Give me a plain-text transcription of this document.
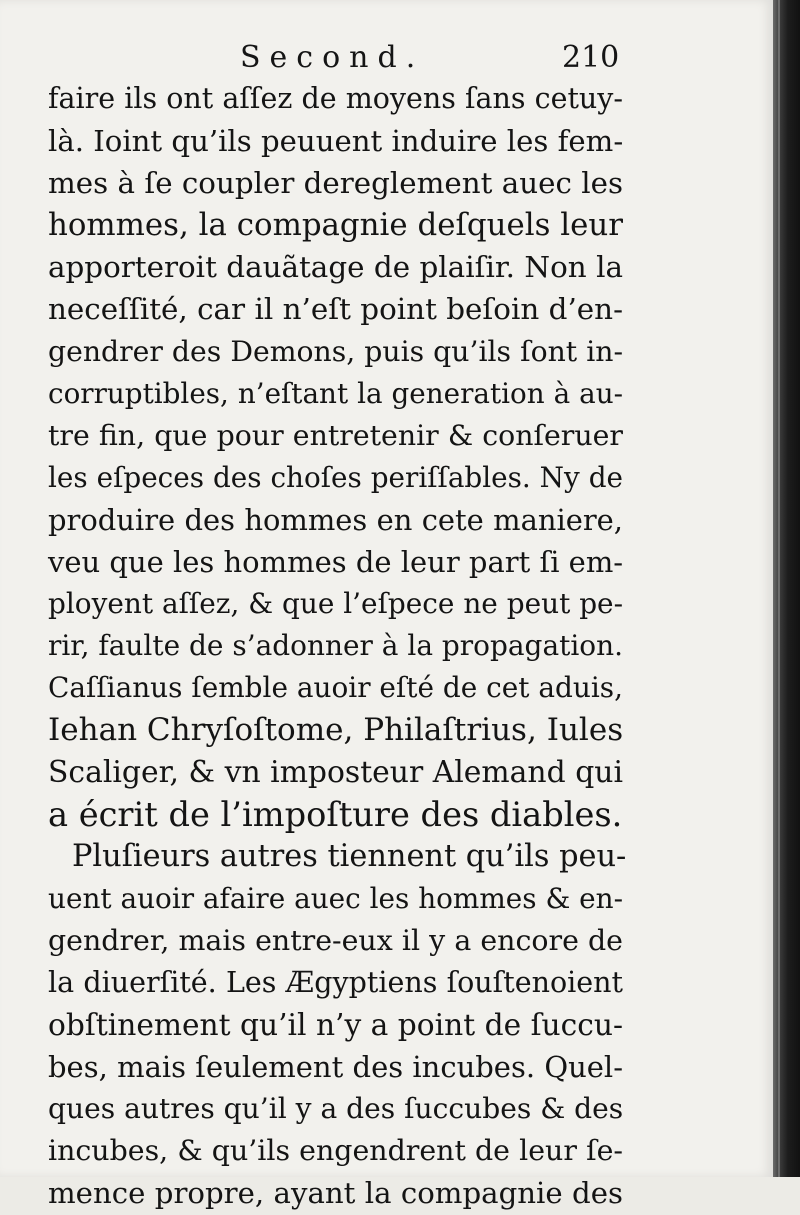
Second.	210
faire ils ont aſſez de moyens ſans cetuy-
là. Ioint qu’ils peuuent induire les fem-
mes à ſe coupler dereglement auec les
hommes, la compagnie deſquels leur
apporteroit dauãtage de plaiſir. Non la
neceſſité, car il n’eſt point beſoin d’en-
gendrer des Demons, puis qu’ils ſont in-
corruptibles, n’eſtant la generation à au-
tre fin, que pour entretenir & conſeruer
les eſpeces des choſes periſſables. Ny de
produire des hommes en cete maniere,
veu que les hommes de leur part ſi em-
ployent aſſez, & que l’eſpece ne peut pe-
rir, faulte de s’adonner à la propagation.
Caſſianus ſemble auoir eſté de cet aduis,
Iehan Chryſoſtome, Philaſtrius, Iules
Scaliger, & vn imposteur Alemand qui
a écrit de l’impoſture des diables.
Pluſieurs autres tiennent qu’ils peu-
uent auoir afaire auec les hommes & en-
gendrer, mais entre-eux il y a encore de
la diuerſité. Les Ægyptiens ſouſtenoient
obſtinement qu’il n’y a point de ſuccu-
bes, mais ſeulement des incubes. Quel-
ques autres qu’il y a des ſuccubes & des
incubes, & qu’ils engendrent de leur ſe-
mence propre, ayant la compagnie des
